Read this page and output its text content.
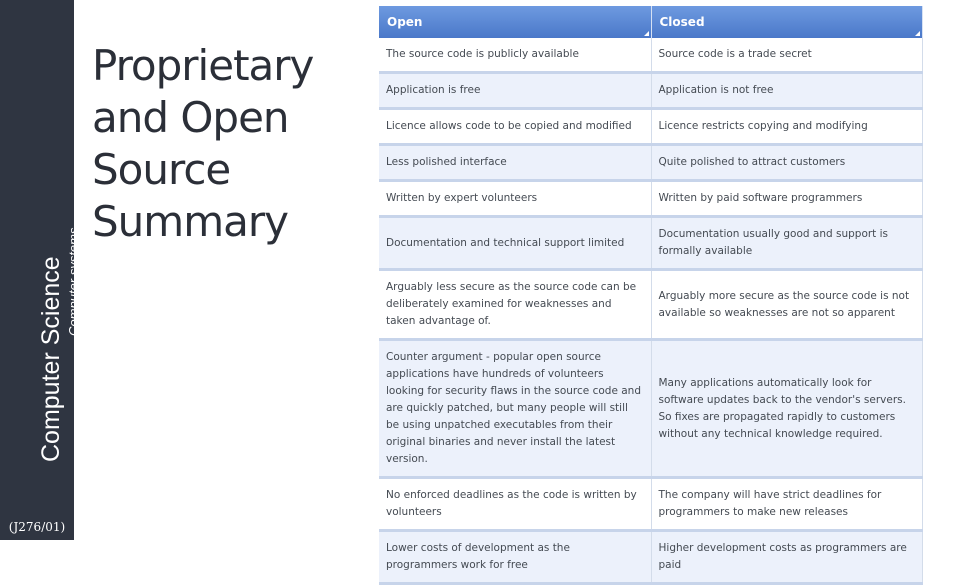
Computer Science Computer systems
(J276/01)
Proprietary and Open Source Summary
Open	Closed

The source code is publicly available	Source code is a trade secret
Application is free	Application is not free
Licence allows code to be copied and modified	Licence restricts copying and modifying
Less polished interface	Quite polished to attract customers
Written by expert volunteers	Written by paid software programmers
Documentation and technical support limited	Documentation usually good and support is formally available
Arguably less secure as the source code can be deliberately examined for weaknesses and taken advantage of.	Arguably more secure as the source code is not available so weaknesses are not so apparent
Counter argument - popular open source applications have hundreds of volunteers looking for security flaws in the source code and are quickly patched, but many people will still be using unpatched executables from their original binaries and never install the latest version.	Many applications automatically look for software updates back to the vendor's servers. So fixes are propagated rapidly to customers without any technical knowledge required.
No enforced deadlines as the code is written by volunteers	The company will have strict deadlines for programmers to make new releases
Lower costs of development as the programmers work for free	Higher development costs as programmers are paid
